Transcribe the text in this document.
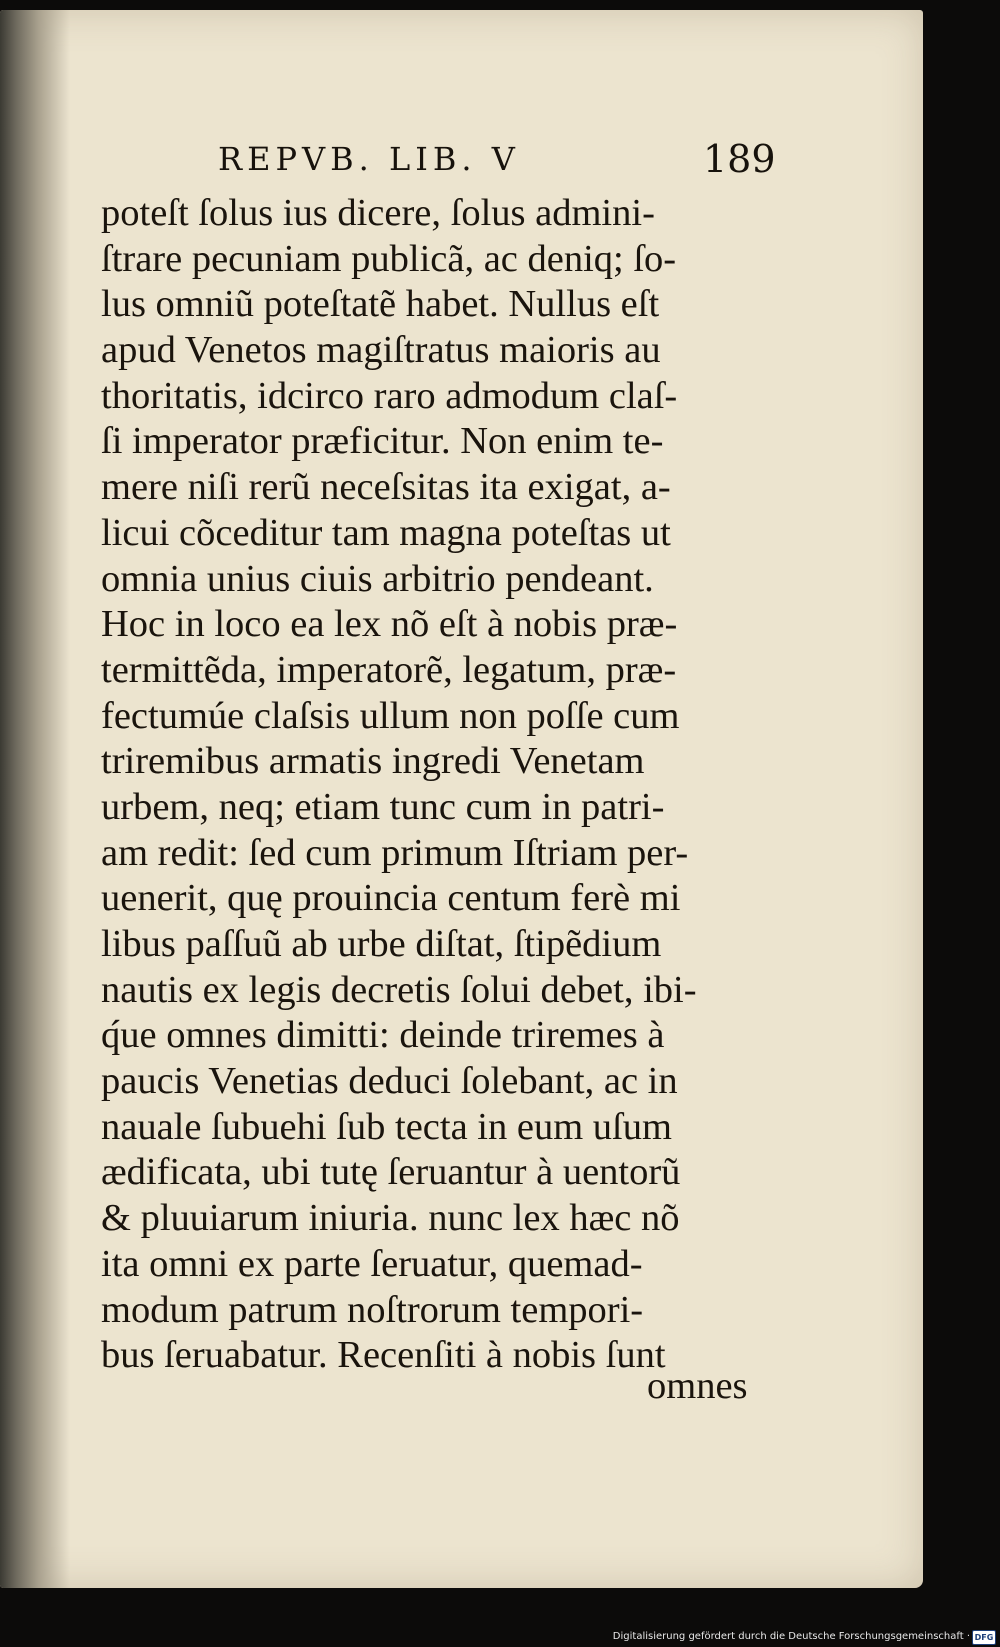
REPVB. LIB. V	189
poteſt ſolus ius dicere, ſolus admini-
ſtrare pecuniam publicã, ac deniq; ſo-
lus omniũ poteſtatẽ habet. Nullus eſt
apud Venetos magiſtratus maioris au
thoritatis, idcirco raro admodum claſ-
ſi imperator præficitur. Non enim te-
mere niſi rerũ neceſsitas ita exigat, a-
licui cõceditur tam magna poteſtas ut
omnia unius ciuis arbitrio pendeant.
Hoc in loco ea lex nõ eſt à nobis præ-
termittẽda, imperatorẽ, legatum, præ-
fectumúe claſsis ullum non poſſe cum
triremibus armatis ingredi Venetam
urbem, neq; etiam tunc cum in patri-
am redit: ſed cum primum Iſtriam per-
uenerit, quę prouincia centum ferè mi
libus paſſuũ ab urbe diſtat, ſtipẽdium
nautis ex legis decretis ſolui debet, ibi-
q́ue omnes dimitti: deinde triremes à
paucis Venetias deduci ſolebant, ac in
nauale ſubuehi ſub tecta in eum uſum
ædificata, ubi tutę ſeruantur à uentorũ
& pluuiarum iniuria. nunc lex hæc nõ
ita omni ex parte ſeruatur, quemad-
modum patrum noſtrorum tempori-
bus ſeruabatur. Recenſiti à nobis ſunt
omnes
Digitalisierung gefördert durch die Deutsche Forschungsgemeinschaft · DFG
